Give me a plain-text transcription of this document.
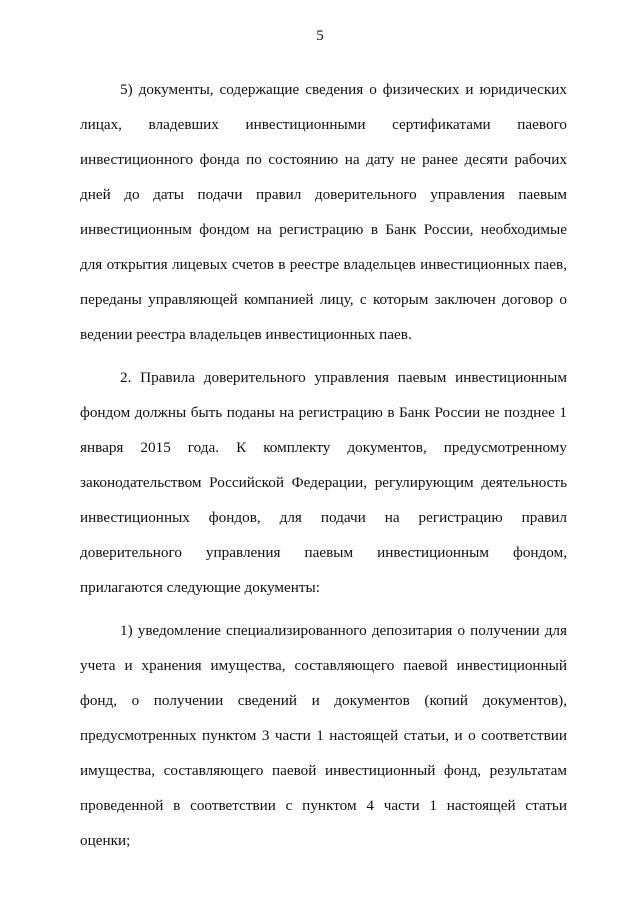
5

5) документы, содержащие сведения о физических и юридических лицах, владевших инвестиционными сертификатами паевого инвестиционного фонда по состоянию на дату не ранее десяти рабочих дней до даты подачи правил доверительного управления паевым инвестиционным фондом на регистрацию в Банк России, необходимые для открытия лицевых счетов в реестре владельцев инвестиционных паев, переданы управляющей компанией лицу, с которым заключен договор о ведении реестра владельцев инвестиционных паев.

2. Правила доверительного управления паевым инвестиционным фондом должны быть поданы на регистрацию в Банк России не позднее 1 января 2015 года. К комплекту документов, предусмотренному законодательством Российской Федерации, регулирующим деятельность инвестиционных фондов, для подачи на регистрацию правил доверительного управления паевым инвестиционным фондом, прилагаются следующие документы:

1) уведомление специализированного депозитария о получении для учета и хранения имущества, составляющего паевой инвестиционный фонд, о получении сведений и документов (копий документов), предусмотренных пунктом 3 части 1 настоящей статьи, и о соответствии имущества, составляющего паевой инвестиционный фонд, результатам проведенной в соответствии с пунктом 4 части 1 настоящей статьи оценки;
